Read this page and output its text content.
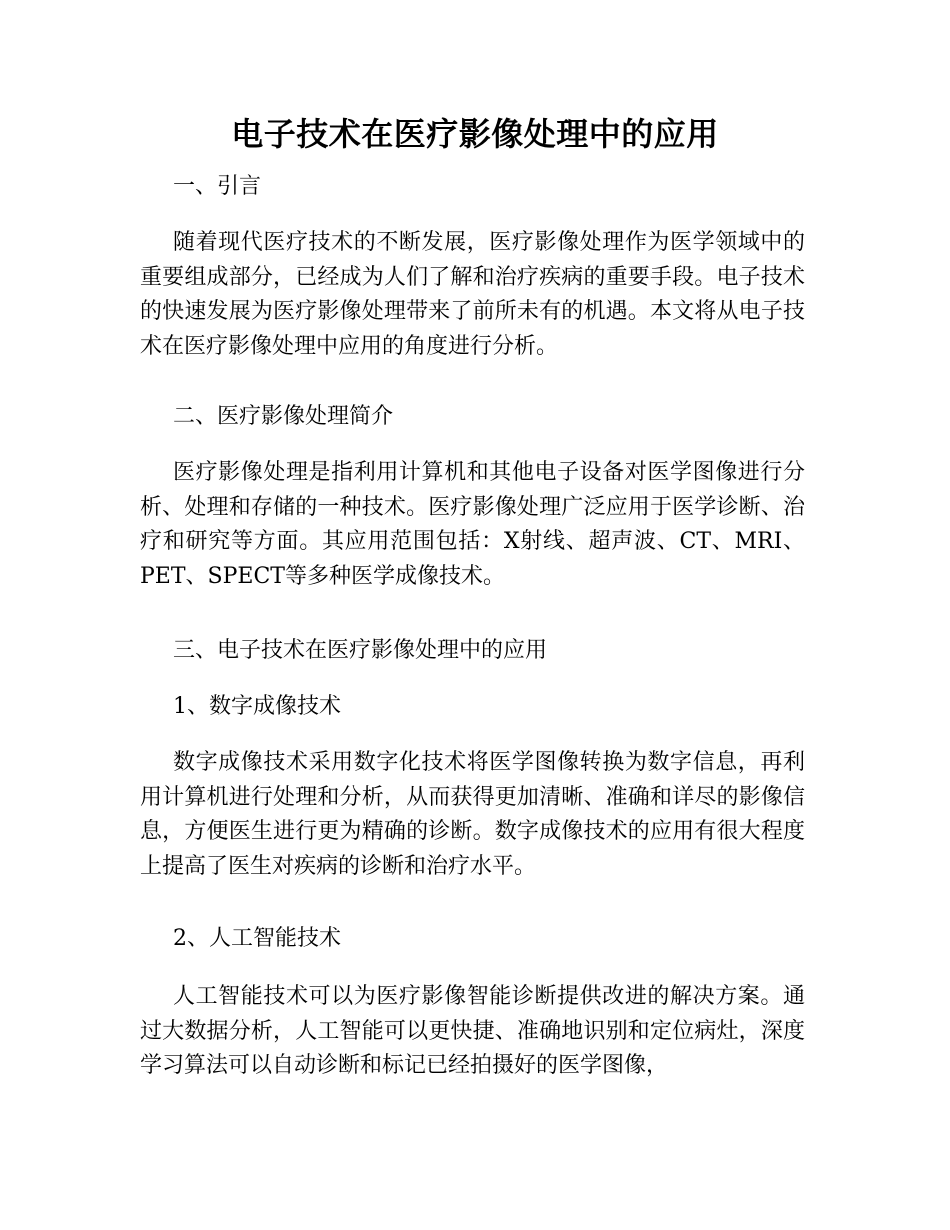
电子技术在医疗影像处理中的应用

一、引言

随着现代医疗技术的不断发展，医疗影像处理作为医学领域中的重要组成部分，已经成为人们了解和治疗疾病的重要手段。电子技术的快速发展为医疗影像处理带来了前所未有的机遇。本文将从电子技术在医疗影像处理中应用的角度进行分析。

二、医疗影像处理简介

医疗影像处理是指利用计算机和其他电子设备对医学图像进行分析、处理和存储的一种技术。医疗影像处理广泛应用于医学诊断、治疗和研究等方面。其应用范围包括：X射线、超声波、CT、MRI、PET、SPECT等多种医学成像技术。

三、电子技术在医疗影像处理中的应用

1、数字成像技术

数字成像技术采用数字化技术将医学图像转换为数字信息，再利用计算机进行处理和分析，从而获得更加清晰、准确和详尽的影像信息，方便医生进行更为精确的诊断。数字成像技术的应用有很大程度上提高了医生对疾病的诊断和治疗水平。

2、人工智能技术

人工智能技术可以为医疗影像智能诊断提供改进的解决方案。通过大数据分析，人工智能可以更快捷、准确地识别和定位病灶，深度学习算法可以自动诊断和标记已经拍摄好的医学图像，
